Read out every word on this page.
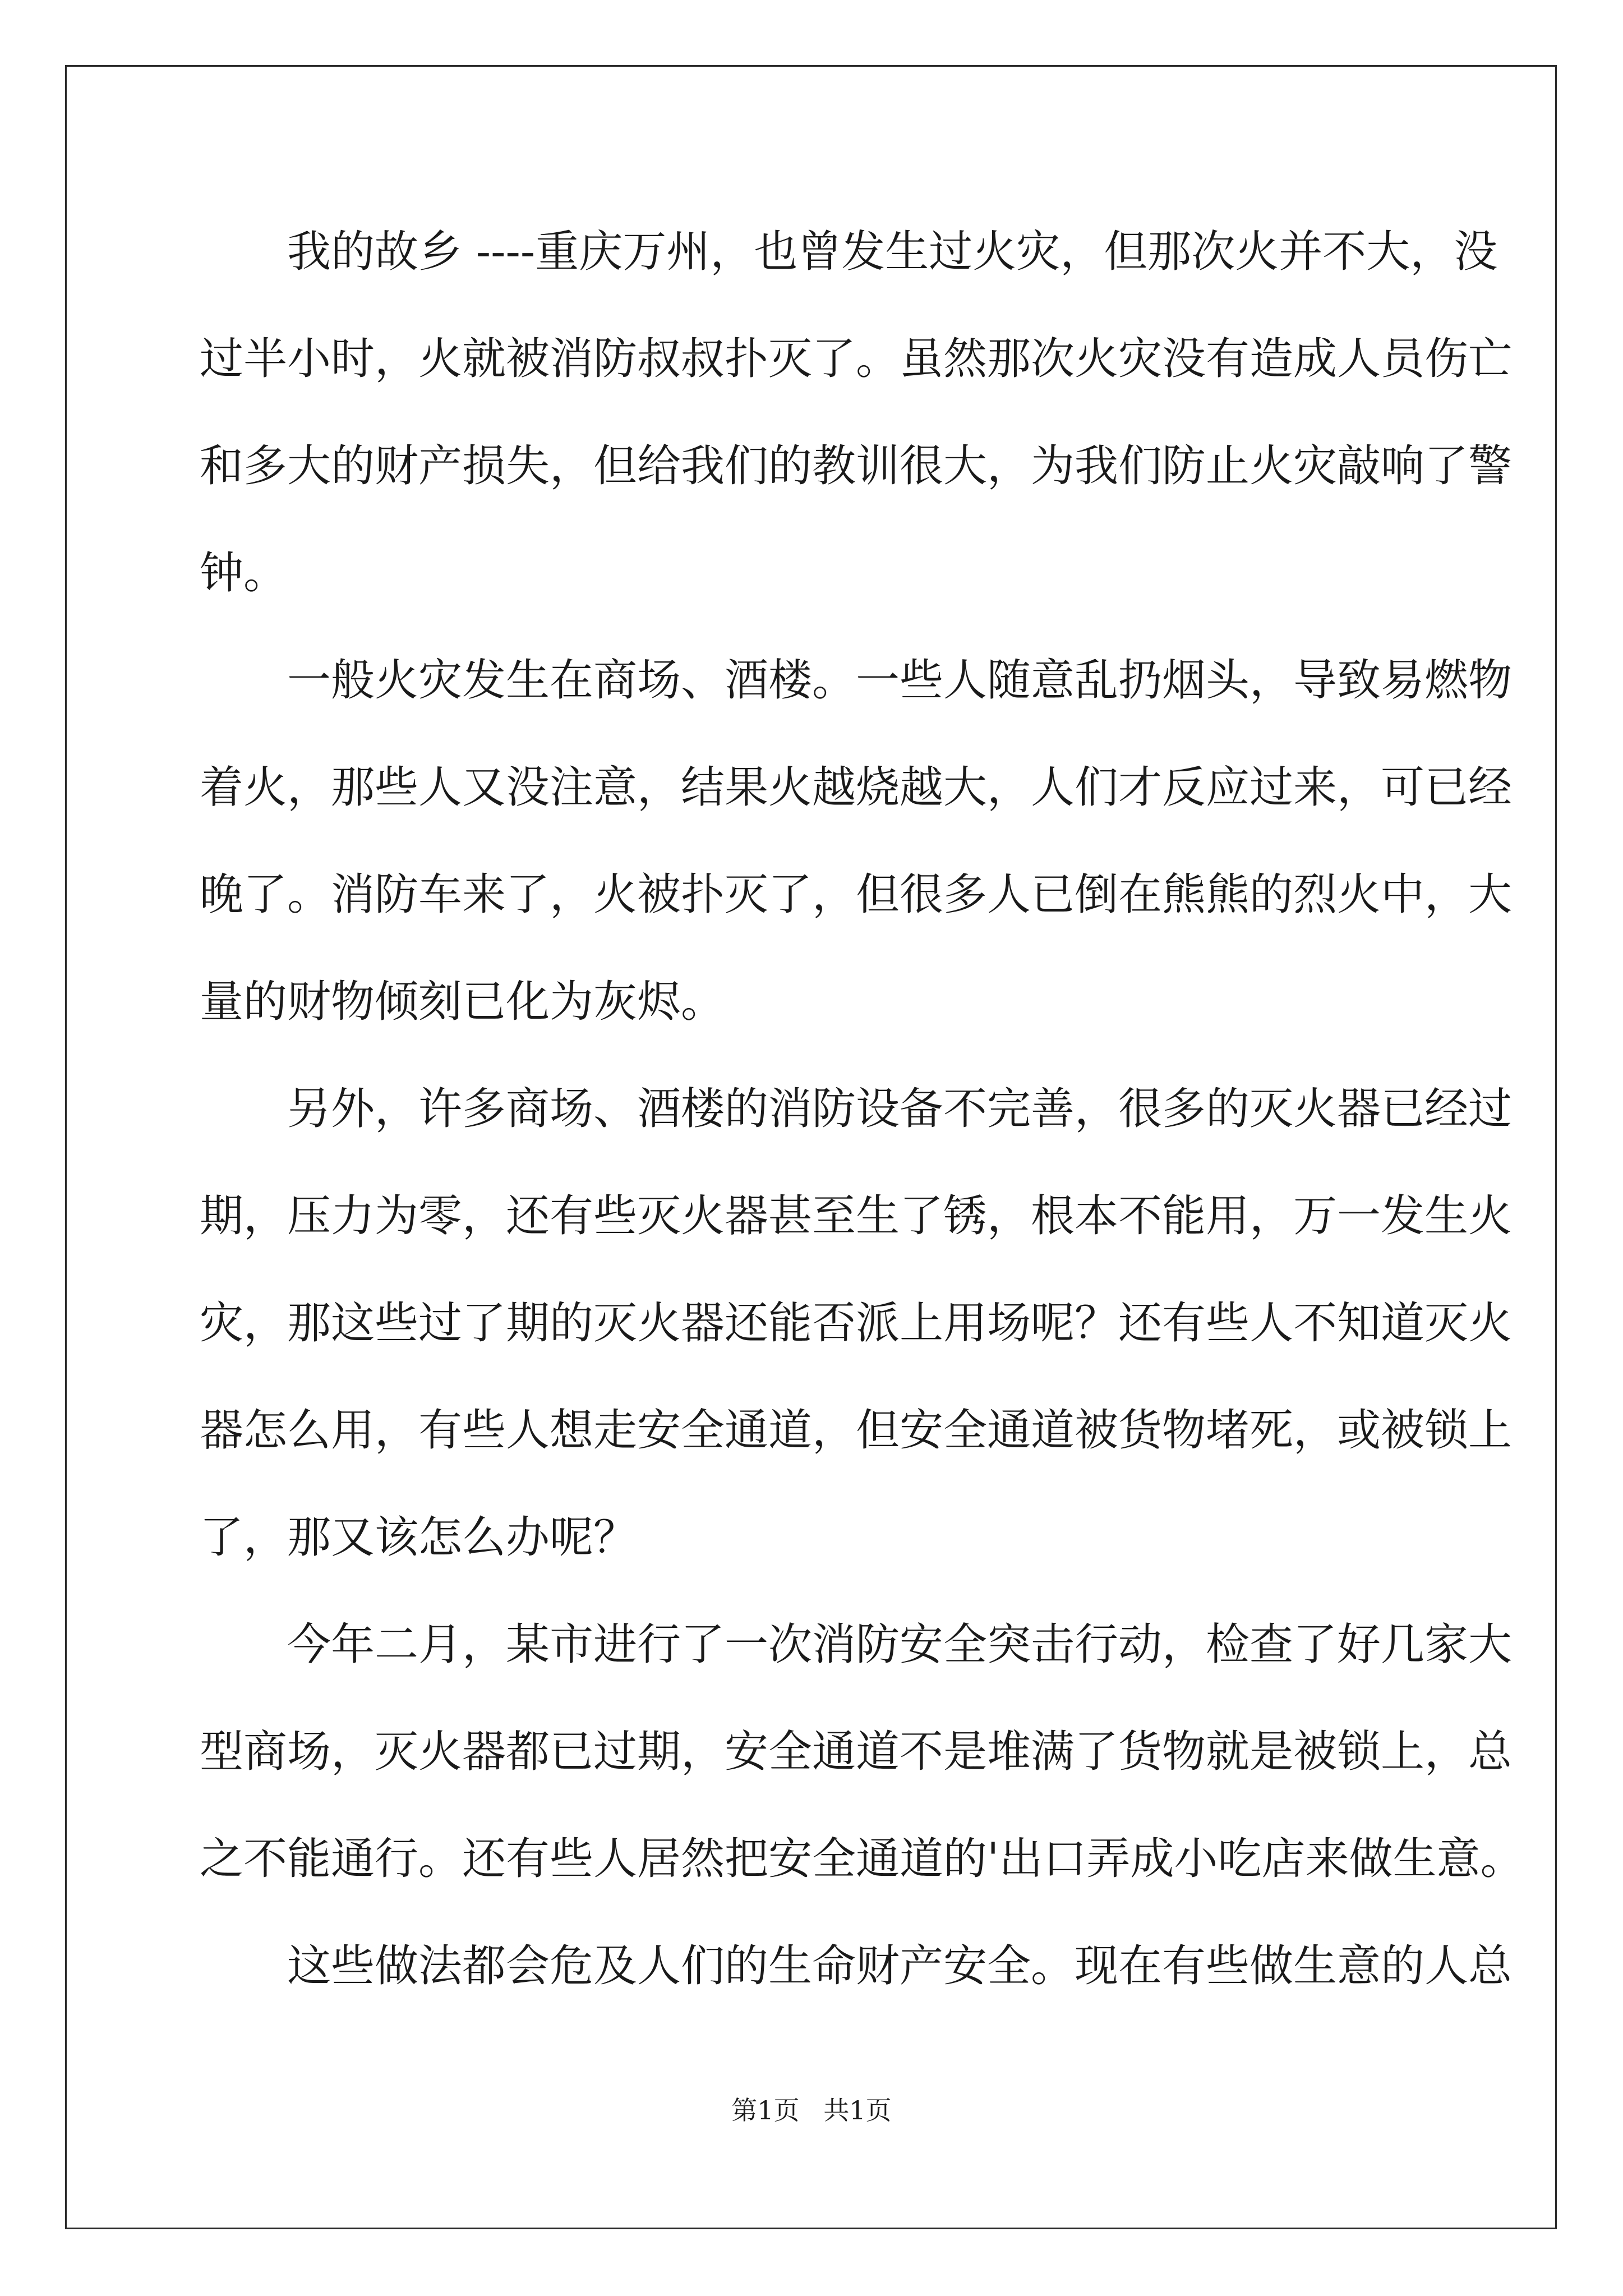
我的故乡 ----重庆万州，也曾发生过火灾，但那次火并不大，没
过半小时，火就被消防叔叔扑灭了。虽然那次火灾没有造成人员伤亡
和多大的财产损失，但给我们的教训很大，为我们防止火灾敲响了警
钟。
一般火灾发生在商场、酒楼。一些人随意乱扔烟头，导致易燃物
着火，那些人又没注意，结果火越烧越大，人们才反应过来，可已经
晚了。消防车来了，火被扑灭了，但很多人已倒在熊熊的烈火中，大
量的财物倾刻已化为灰烬。
另外，许多商场、酒楼的消防设备不完善，很多的灭火器已经过
期，压力为零，还有些灭火器甚至生了锈，根本不能用，万一发生火
灾，那这些过了期的灭火器还能否派上用场呢？还有些人不知道灭火
器怎么用，有些人想走安全通道，但安全通道被货物堵死，或被锁上
了，那又该怎么办呢？
今年二月，某市进行了一次消防安全突击行动，检查了好几家大
型商场，灭火器都已过期，安全通道不是堆满了货物就是被锁上，总
之不能通行。还有些人居然把安全通道的'出口弄成小吃店来做生意。
这些做法都会危及人们的生命财产安全。现在有些做生意的人总
第1页 共1页
